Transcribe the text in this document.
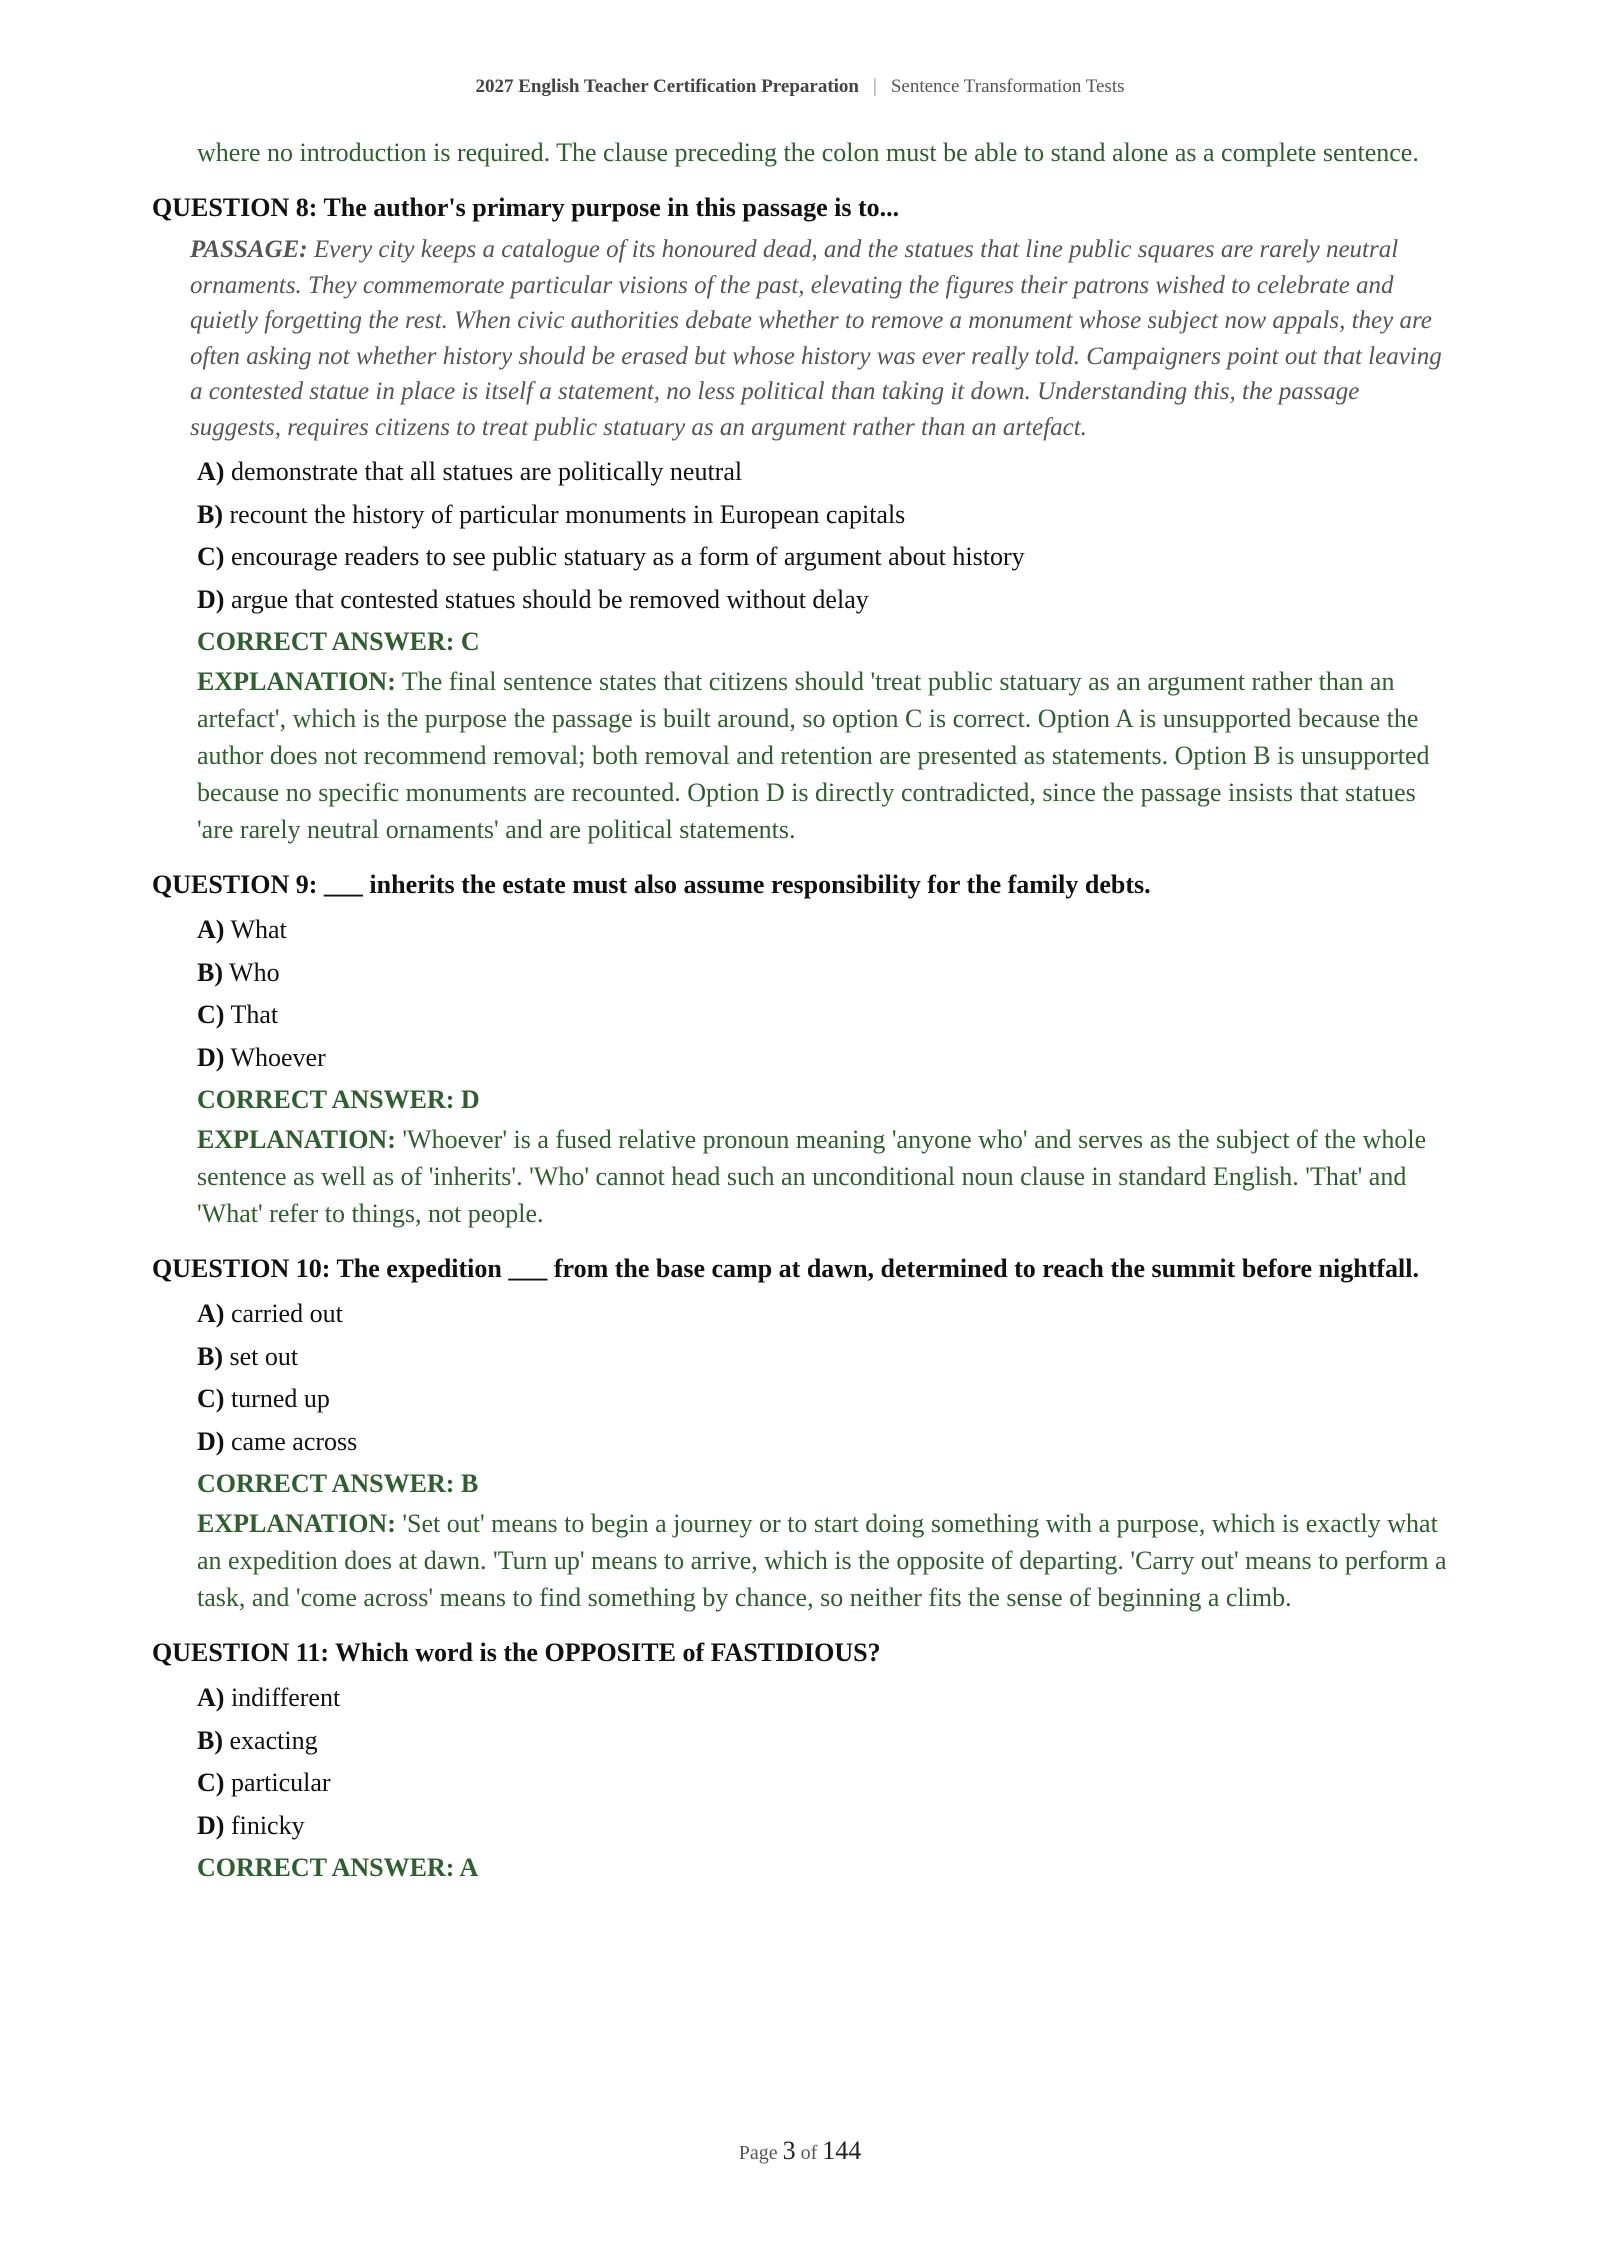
2027 English Teacher Certification Preparation | Sentence Transformation Tests
where no introduction is required. The clause preceding the colon must be able to stand alone as a complete sentence.
QUESTION 8: The author's primary purpose in this passage is to...
PASSAGE: Every city keeps a catalogue of its honoured dead, and the statues that line public squares are rarely neutral ornaments. They commemorate particular visions of the past, elevating the figures their patrons wished to celebrate and quietly forgetting the rest. When civic authorities debate whether to remove a monument whose subject now appals, they are often asking not whether history should be erased but whose history was ever really told. Campaigners point out that leaving a contested statue in place is itself a statement, no less political than taking it down. Understanding this, the passage suggests, requires citizens to treat public statuary as an argument rather than an artefact.
A) demonstrate that all statues are politically neutral
B) recount the history of particular monuments in European capitals
C) encourage readers to see public statuary as a form of argument about history
D) argue that contested statues should be removed without delay
CORRECT ANSWER: C
EXPLANATION: The final sentence states that citizens should 'treat public statuary as an argument rather than an artefact', which is the purpose the passage is built around, so option C is correct. Option A is unsupported because the author does not recommend removal; both removal and retention are presented as statements. Option B is unsupported because no specific monuments are recounted. Option D is directly contradicted, since the passage insists that statues 'are rarely neutral ornaments' and are political statements.
QUESTION 9: ___ inherits the estate must also assume responsibility for the family debts.
A) What
B) Who
C) That
D) Whoever
CORRECT ANSWER: D
EXPLANATION: 'Whoever' is a fused relative pronoun meaning 'anyone who' and serves as the subject of the whole sentence as well as of 'inherits'. 'Who' cannot head such an unconditional noun clause in standard English. 'That' and 'What' refer to things, not people.
QUESTION 10: The expedition ___ from the base camp at dawn, determined to reach the summit before nightfall.
A) carried out
B) set out
C) turned up
D) came across
CORRECT ANSWER: B
EXPLANATION: 'Set out' means to begin a journey or to start doing something with a purpose, which is exactly what an expedition does at dawn. 'Turn up' means to arrive, which is the opposite of departing. 'Carry out' means to perform a task, and 'come across' means to find something by chance, so neither fits the sense of beginning a climb.
QUESTION 11: Which word is the OPPOSITE of FASTIDIOUS?
A) indifferent
B) exacting
C) particular
D) finicky
CORRECT ANSWER: A
Page 3 of 144
